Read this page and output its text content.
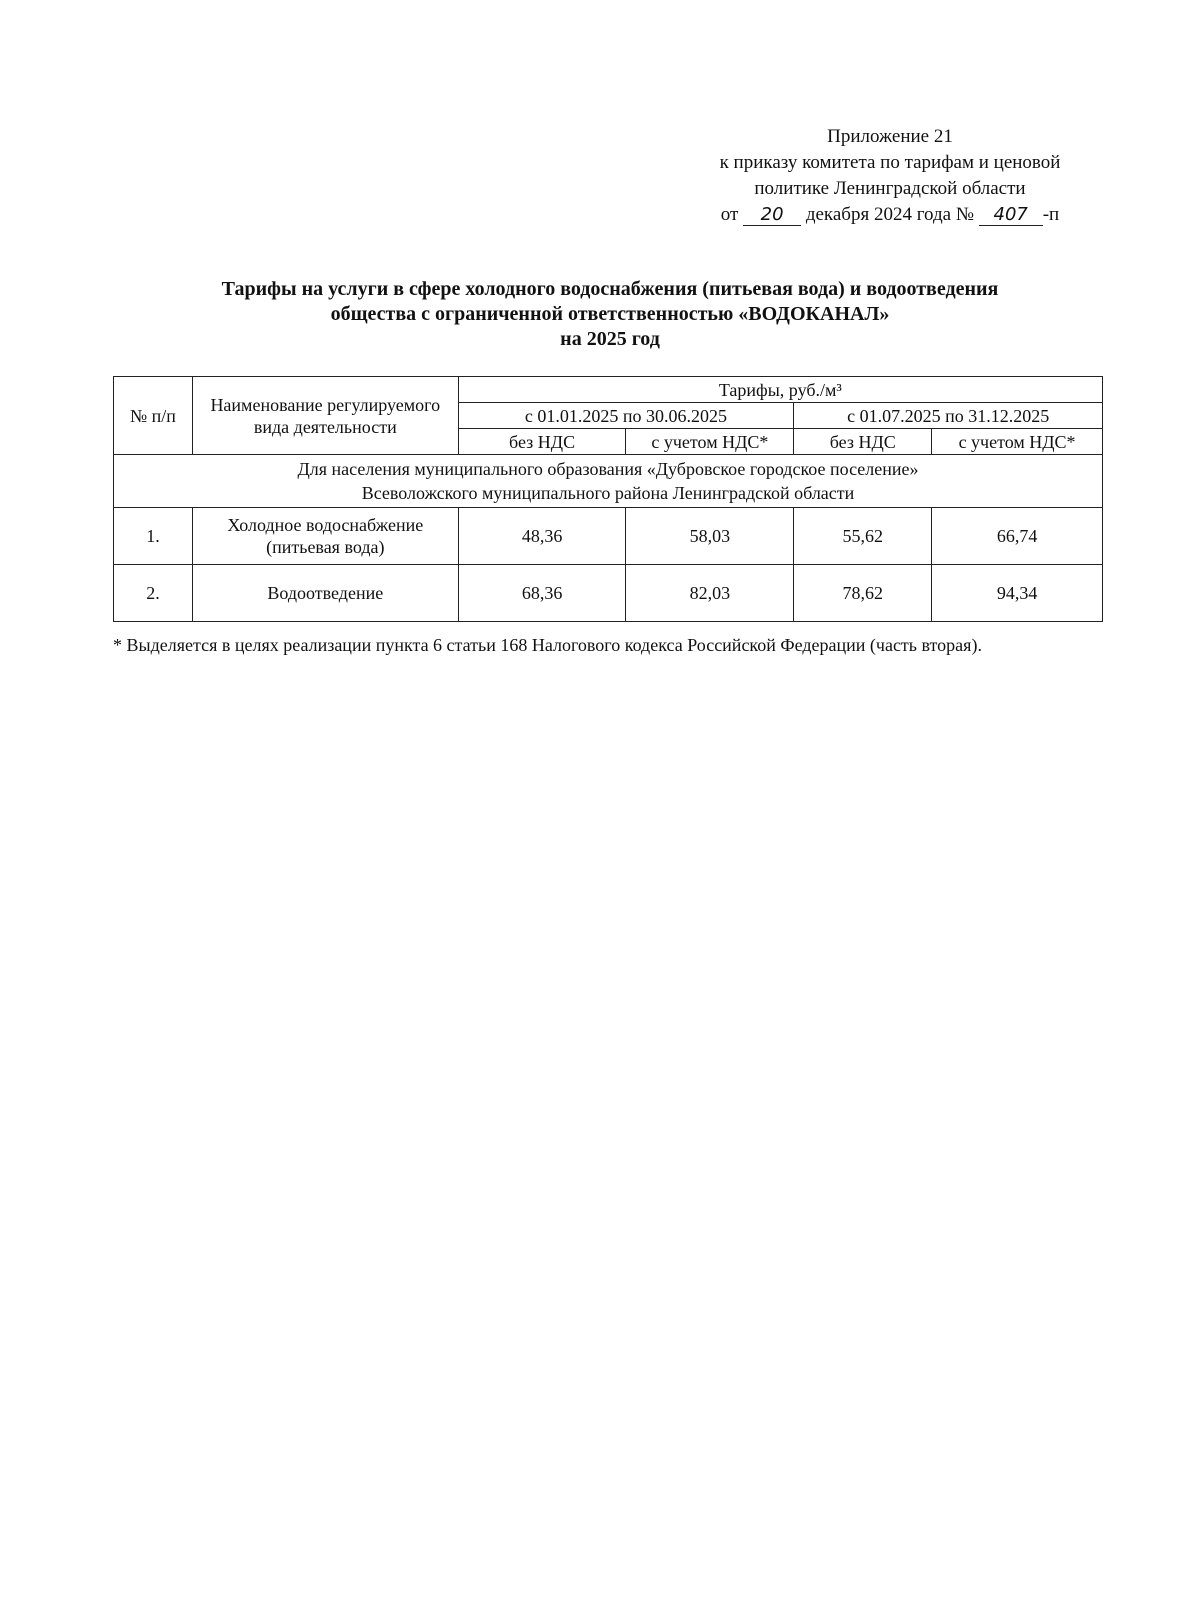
Приложение 21
к приказу комитета по тарифам и ценовой
политике Ленинградской области
от 20 декабря 2024 года № 407 -п
Тарифы на услуги в сфере холодного водоснабжения (питьевая вода) и водоотведения
общества с ограниченной ответственностью «ВОДОКАНАЛ»
на 2025 год
№ п/п	Наименование регулируемого вида деятельности	Тарифы, руб./м³			
		с 01.01.2025 по 30.06.2025		с 01.07.2025 по 31.12.2025	
		без НДС	с учетом НДС*	без НДС	с учетом НДС*

Для населения муниципального образования «Дубровское городское поселение»
Всеволожского муниципального района Ленинградской области					

1.	Холодное водоснабжение (питьевая вода)	48,36	58,03	55,62	66,74
2.	Водоотведение	68,36	82,03	78,62	94,34
* Выделяется в целях реализации пункта 6 статьи 168 Налогового кодекса Российской Федерации (часть вторая).
